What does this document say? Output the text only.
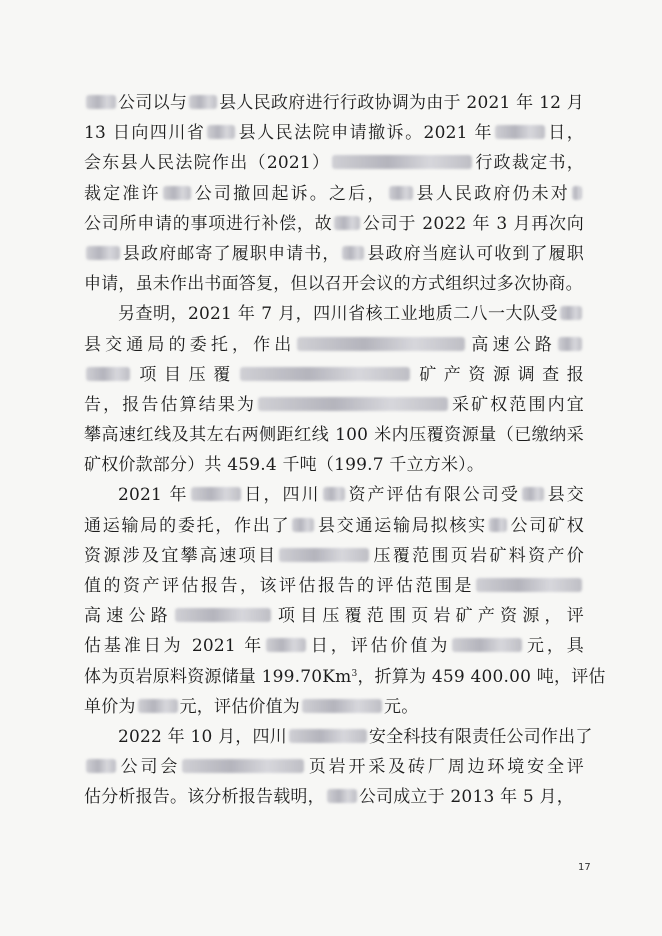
公司以与 县人民政府进行行政协调为由于 2021 年 12 月
13 日向四川省 县人民法院申请撤诉。2021 年	日，
会东县人民法院作出（2021）	行政裁定书，
裁定准许 公司撤回起诉。之后， 县人民政府仍未对
公司所申请的事项进行补偿，故 公司于 2022 年 3 月再次向
县政府邮寄了履职申请书， 县政府当庭认可收到了履职
申请，虽未作出书面答复，但以召开会议的方式组织过多次协商。
另查明，2021 年 7 月，四川省核工业地质二八一大队受
县交通局的委托，作出	高速公路
项目压覆	矿产资源调查报
告，报告估算结果为	采矿权范围内宜
攀高速红线及其左右两侧距红线 100 米内压覆资源量（已缴纳采
矿权价款部分）共 459.4 千吨（199.7 千立方米）。
2021 年	日，四川 资产评估有限公司受 县交
通运输局的委托，作出了 县交通运输局拟核实 公司矿权
资源涉及宜攀高速项目	压覆范围页岩矿料资产价
值的资产评估报告，该评估报告的评估范围是
高速公路	项目压覆范围页岩矿产资源，评
估基准日为 2021 年	日，评估价值为	元，具
体为页岩原料资源储量 199.70Km$^3$，折算为 459 400.00 吨，评估
单价为	元，评估价值为	元。
2022 年 10 月，四川	安全科技有限责任公司作出了
公司会	页岩开采及砖厂周边环境安全评
估分析报告。该分析报告载明， 公司成立于 2013 年 5 月，
17
